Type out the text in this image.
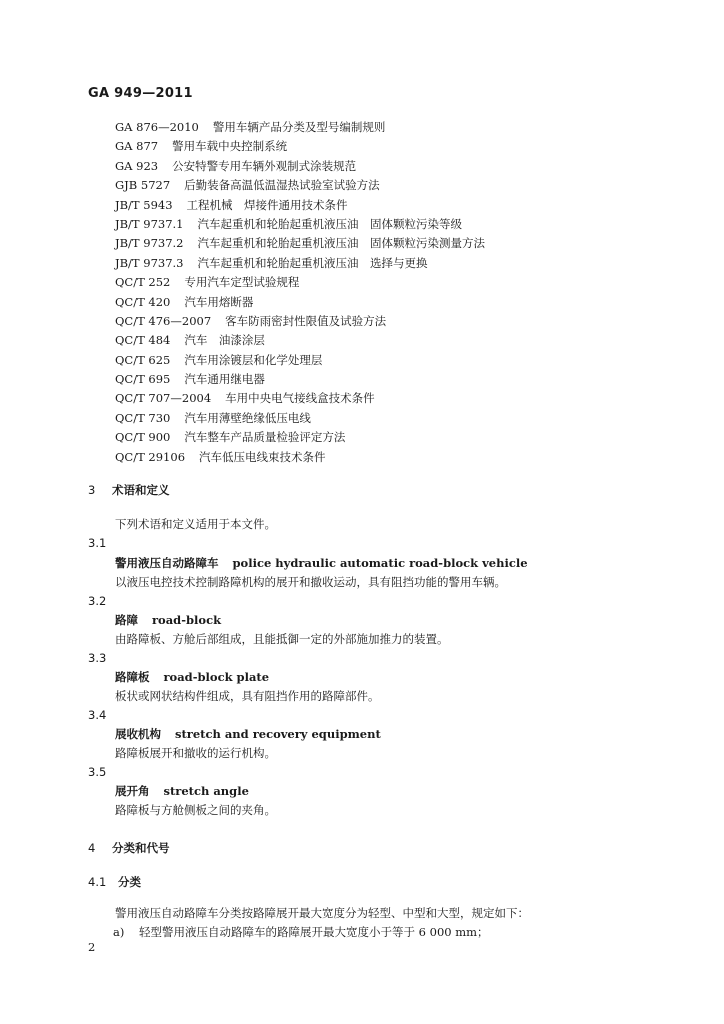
GA 949—2011
GA 876—2010 警用车辆产品分类及型号编制规则
GA 877 警用车载中央控制系统
GA 923 公安特警专用车辆外观制式涂装规范
GJB 5727 后勤装备高温低温湿热试验室试验方法
JB/T 5943 工程机械　焊接件通用技术条件
JB/T 9737.1 汽车起重机和轮胎起重机液压油　固体颗粒污染等级
JB/T 9737.2 汽车起重机和轮胎起重机液压油　固体颗粒污染测量方法
JB/T 9737.3 汽车起重机和轮胎起重机液压油　选择与更换
QC/T 252 专用汽车定型试验规程
QC/T 420 汽车用熔断器
QC/T 476—2007 客车防雨密封性限值及试验方法
QC/T 484 汽车　油漆涂层
QC/T 625 汽车用涂镀层和化学处理层
QC/T 695 汽车通用继电器
QC/T 707—2004 车用中央电气接线盒技术条件
QC/T 730 汽车用薄壁绝缘低压电线
QC/T 900 汽车整车产品质量检验评定方法
QC/T 29106 汽车低压电线束技术条件
3 术语和定义
下列术语和定义适用于本文件。
3.1
警用液压自动路障车 police hydraulic automatic road-block vehicle
以液压电控技术控制路障机构的展开和撤收运动，具有阻挡功能的警用车辆。
3.2
路障 road-block
由路障板、方舱后部组成，且能抵御一定的外部施加推力的装置。
3.3
路障板 road-block plate
板状或网状结构件组成，具有阻挡作用的路障部件。
3.4
展收机构 stretch and recovery equipment
路障板展开和撤收的运行机构。
3.5
展开角 stretch angle
路障板与方舱侧板之间的夹角。
4 分类和代号
4.1 分类
警用液压自动路障车分类按路障展开最大宽度分为轻型、中型和大型，规定如下：
a) 轻型警用液压自动路障车的路障展开最大宽度小于等于 6 000 mm；
2
